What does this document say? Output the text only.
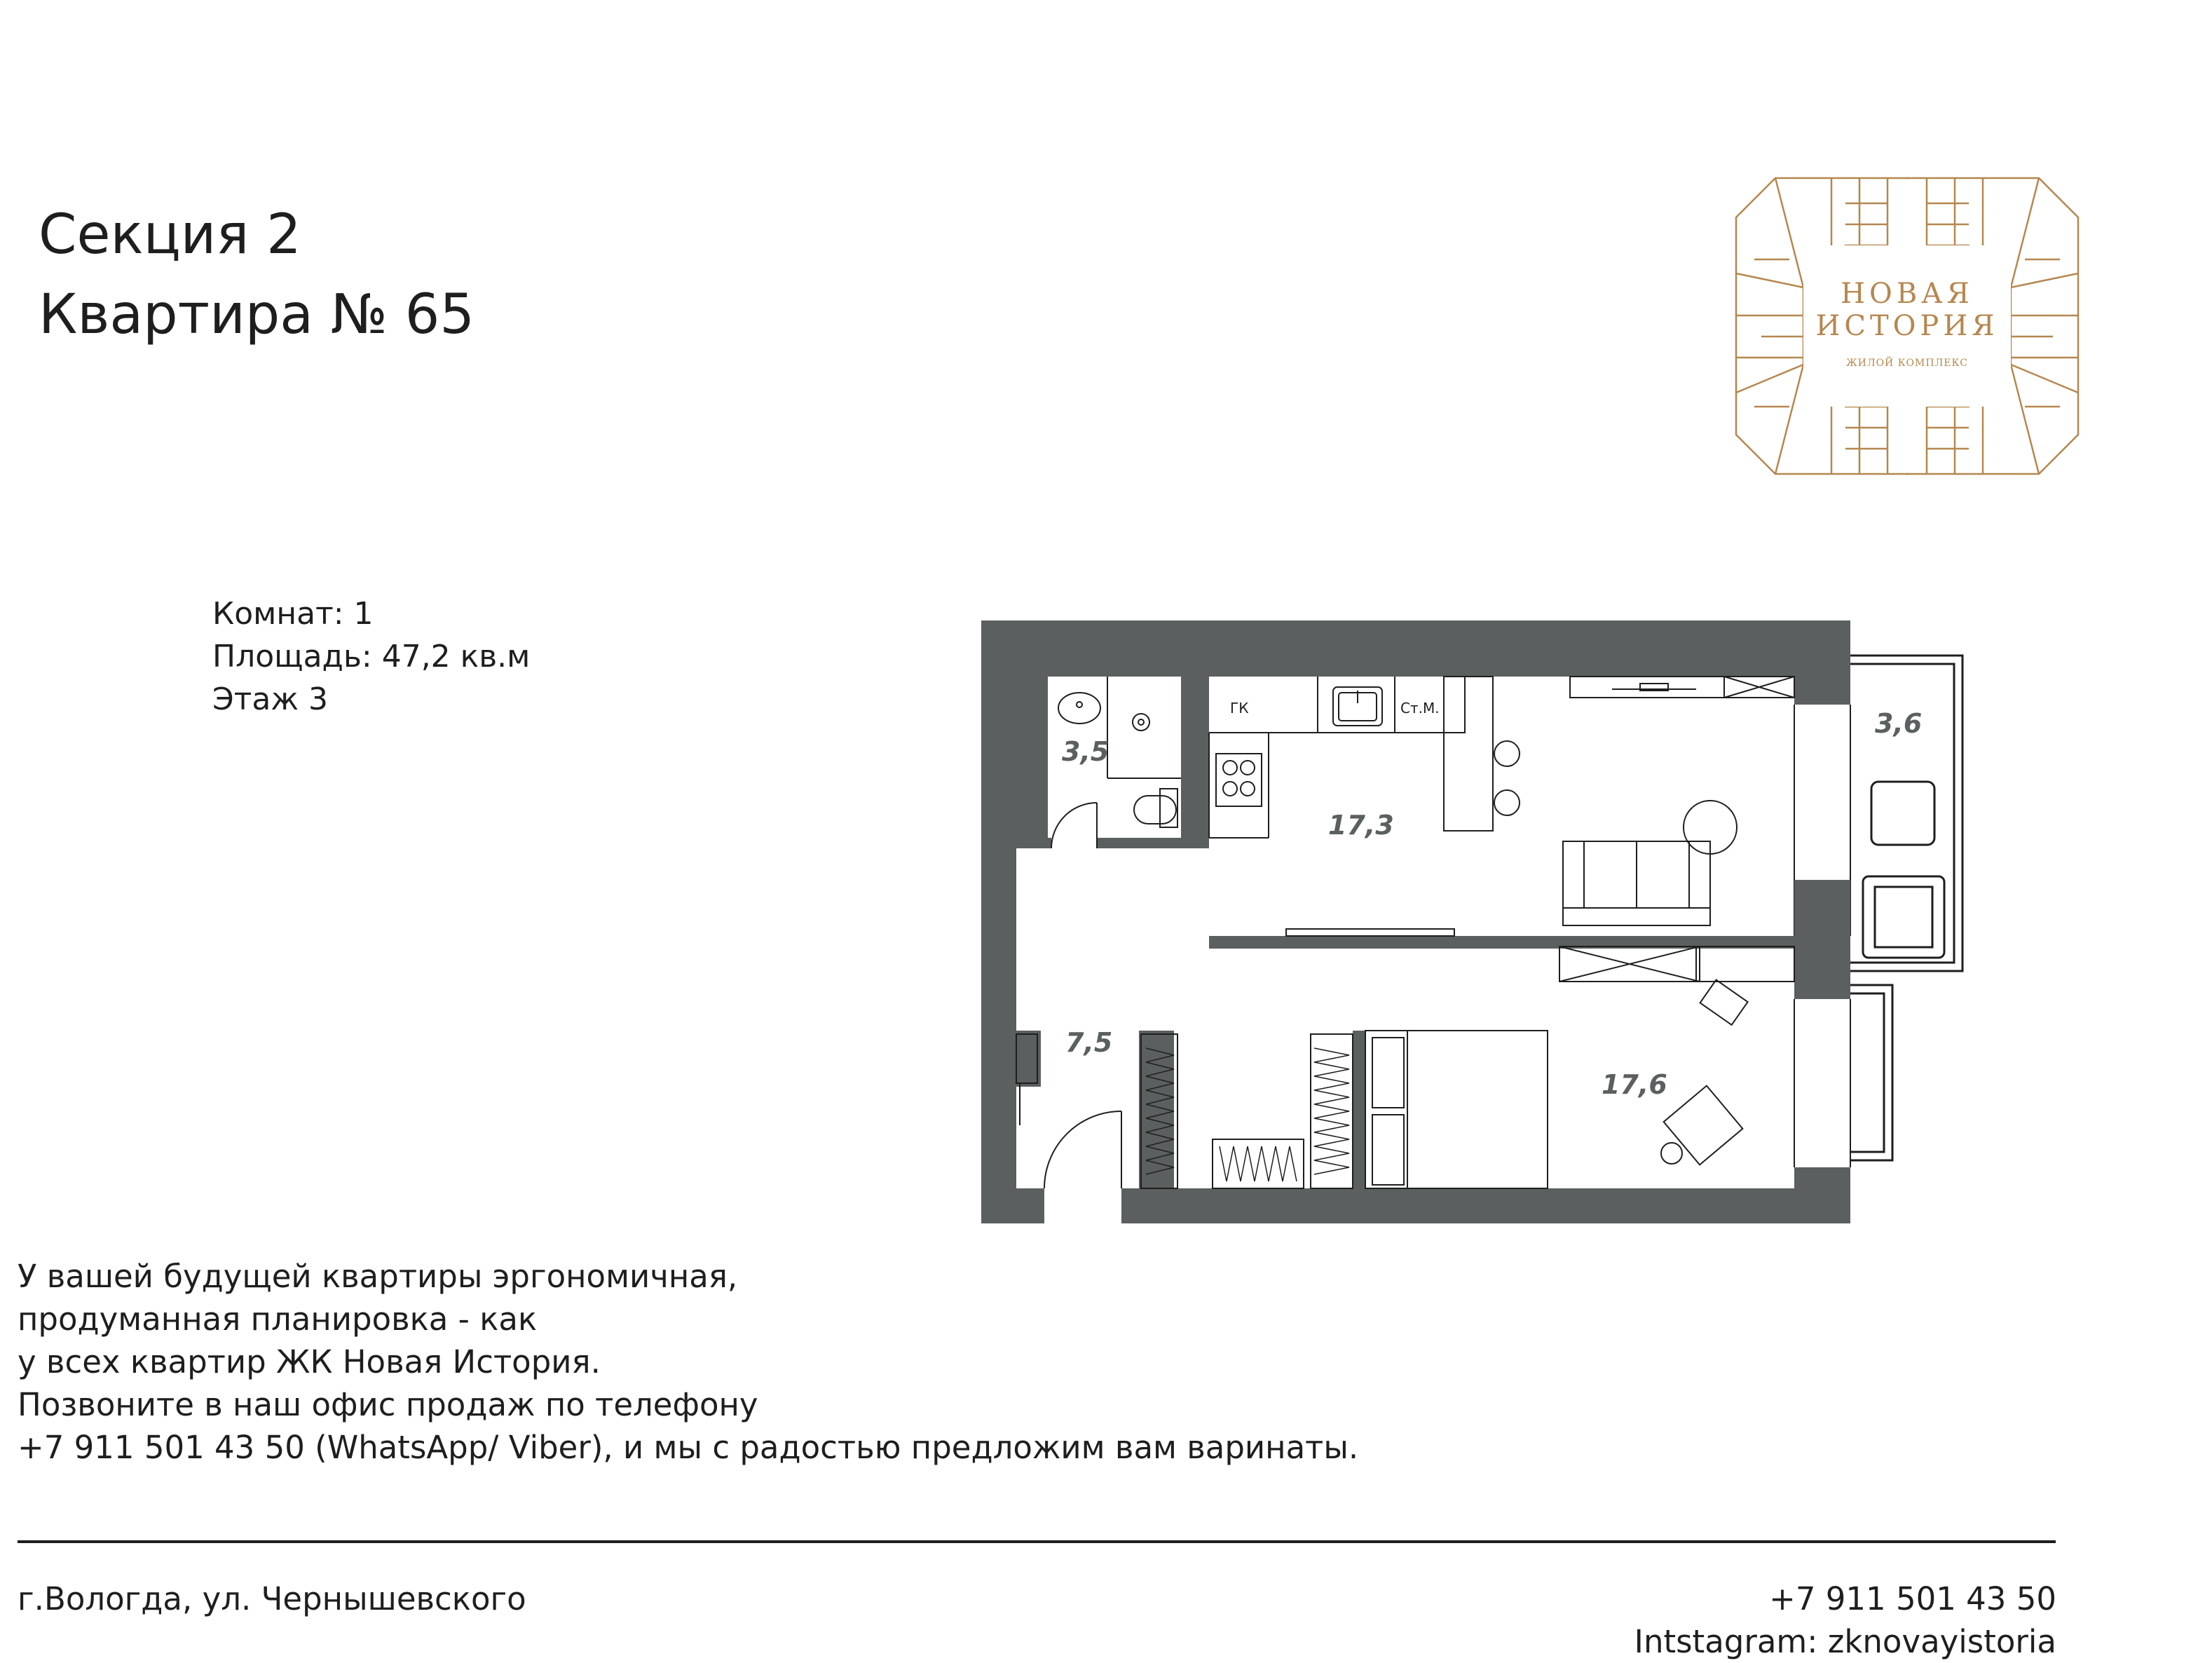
Секция 2
Квартира № 65	НОВАЯ
ИСТОРИЯ
ЖИЛОЙ КОМПЛЕКС
Комнат: 1
Площадь: 47,2 кв.м
Этаж 3	ГК	Ст.М.
3,5
17,3
7,5
17,6
3,6
У вашей будущей квартиры эргономичная,
продуманная планировка - как
у всех квартир ЖК Новая История.
Позвоните в наш офис продаж по телефону
+7 911 501 43 50 (WhatsApp/ Viber), и мы с радостью предложим вам варинаты.
г.Вологда, ул. Чернышевского	+7 911 501 43 50
Intstagram: zknovayistoria
